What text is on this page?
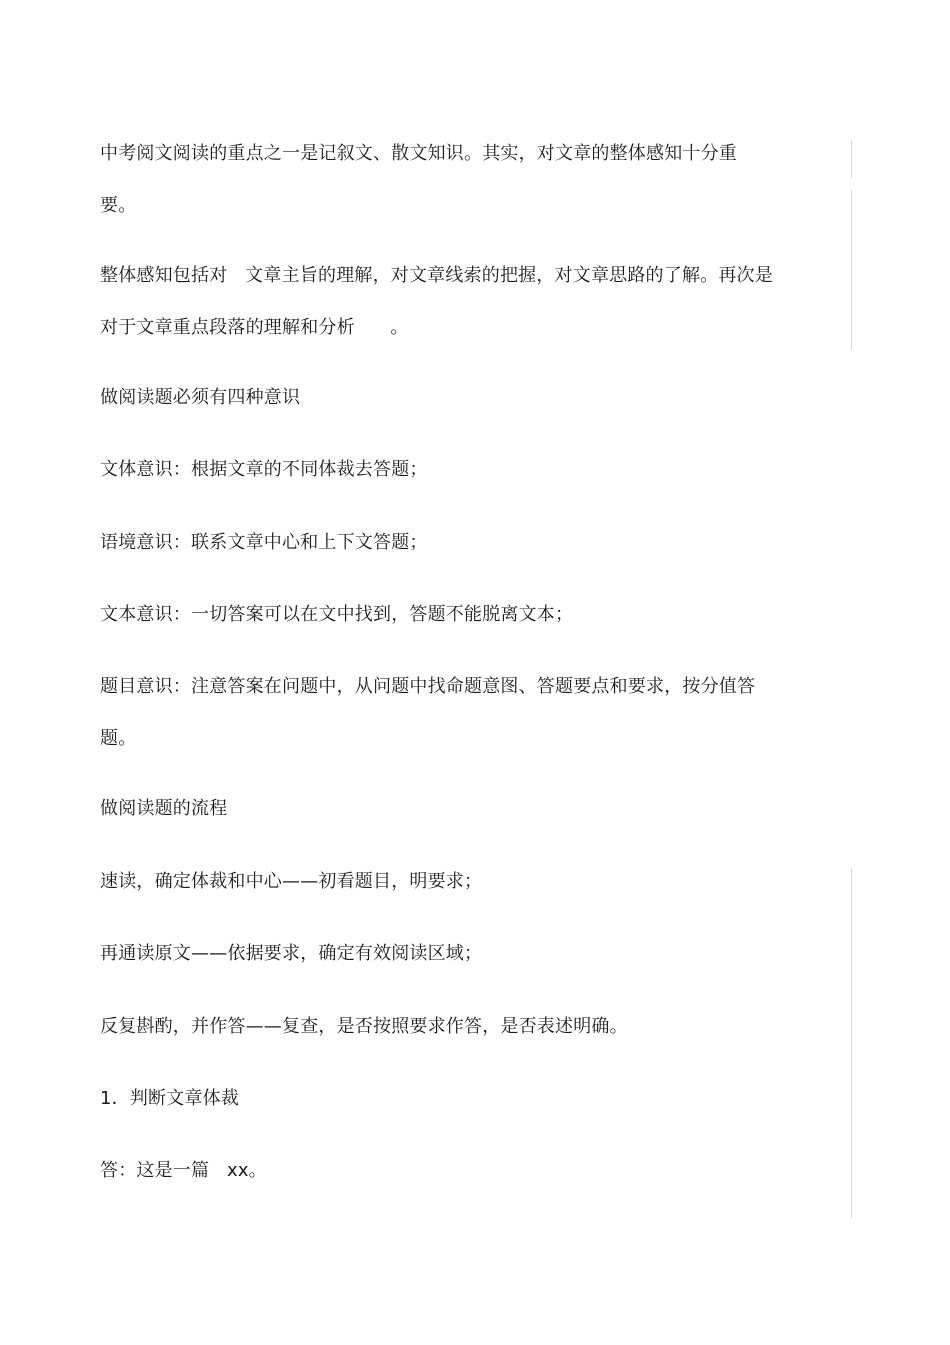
中考阅文阅读的重点之一是记叙文、散文知识。其实，对文章的整体感知十分重
要。
整体感知包括对   文章主旨的理解，对文章线索的把握，对文章思路的了解。再次是
对于文章重点段落的理解和分析      。
做阅读题必须有四种意识
文体意识：根据文章的不同体裁去答题；
语境意识：联系文章中心和上下文答题；
文本意识：一切答案可以在文中找到，答题不能脱离文本；
题目意识：注意答案在问题中，从问题中找命题意图、答题要点和要求，按分值答
题。
做阅读题的流程
速读，确定体裁和中心——初看题目，明要求；
再通读原文——依据要求，确定有效阅读区域；
反复斟酌，并作答——复查，是否按照要求作答，是否表述明确。
1．判断文章体裁
答：这是一篇   xx。
